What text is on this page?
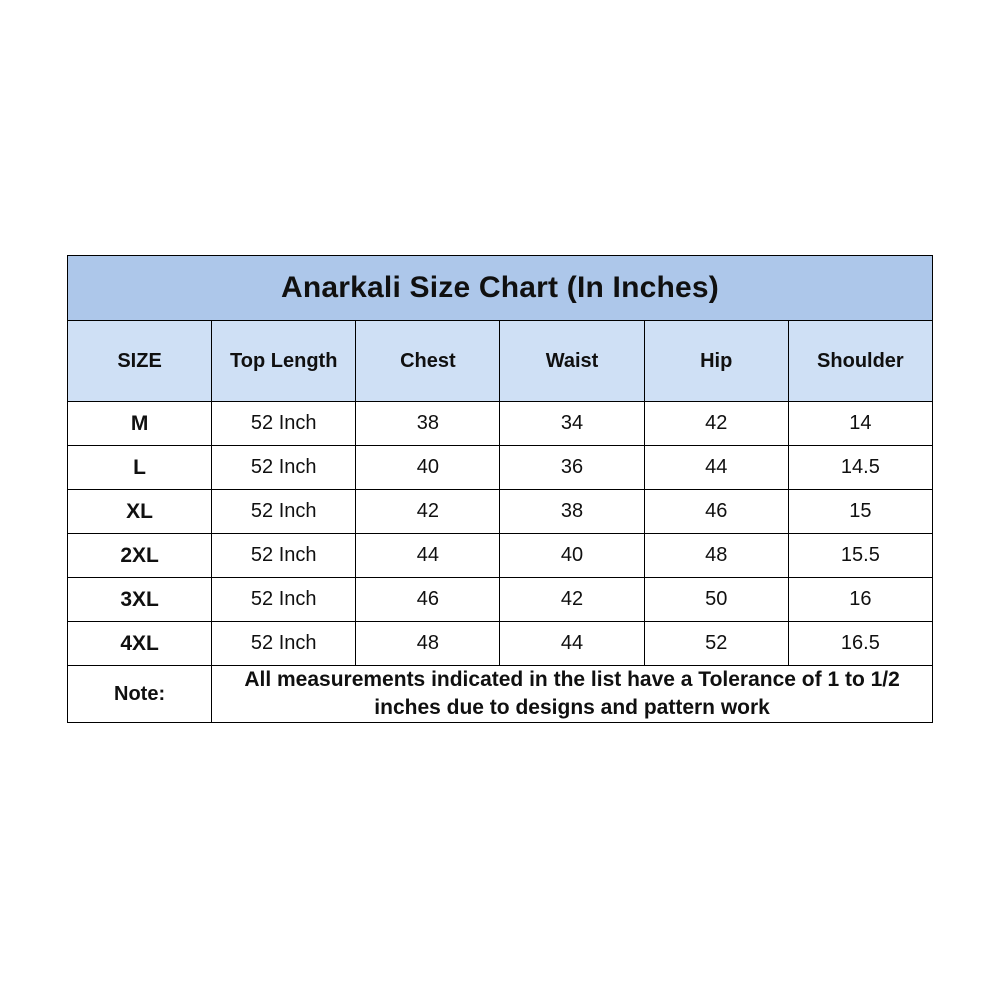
Anarkali Size Chart (In Inches)					
SIZE	Top Length	Chest	Waist	Hip	Shoulder
M	52 Inch	38	34	42	14
L	52 Inch	40	36	44	14.5
XL	52 Inch	42	38	46	15
2XL	52 Inch	44	40	48	15.5
3XL	52 Inch	46	42	50	16
4XL	52 Inch	48	44	52	16.5
Note:	All measurements indicated in the list have a Tolerance of 1 to 1/2 inches due to designs and pattern work				
